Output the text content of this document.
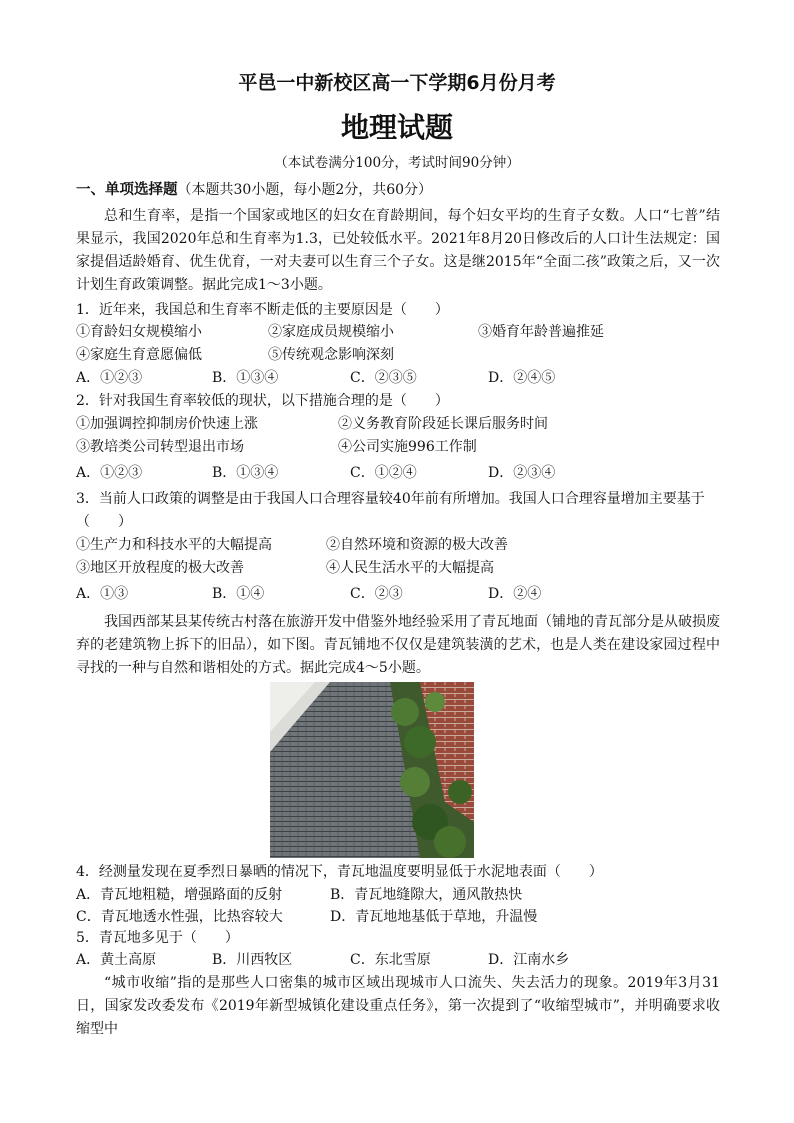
平邑一中新校区高一下学期6月份月考
地理试题
（本试卷满分100分，考试时间90分钟）
一、单项选择题（本题共30小题，每小题2分，共60分）
总和生育率，是指一个国家或地区的妇女在育龄期间，每个妇女平均的生育子女数。人口“七普”结果显示，我国2020年总和生育率为1.3，已处较低水平。2021年8月20日修改后的人口计生法规定：国家提倡适龄婚育、优生优育，一对夫妻可以生育三个子女。这是继2015年“全面二孩”政策之后，又一次计划生育政策调整。据此完成1～3小题。
1．近年来，我国总和生育率不断走低的主要原因是（　　）
①育龄妇女规模缩小	②家庭成员规模缩小	③婚育年龄普遍推延
④家庭生育意愿偏低	⑤传统观念影响深刻
A．①②③	B．①③④	C．②③⑤	D．②④⑤
2．针对我国生育率较低的现状，以下措施合理的是（　　）
①加强调控抑制房价快速上涨	②义务教育阶段延长课后服务时间
③教培类公司转型退出市场	④公司实施996工作制
A．①②③	B．①③④	C．①②④	D．②③④
3．当前人口政策的调整是由于我国人口合理容量较40年前有所增加。我国人口合理容量增加主要基于
（　　）
①生产力和科技水平的大幅提高	②自然环境和资源的极大改善
③地区开放程度的极大改善	④人民生活水平的大幅提高
A．①③	B．①④	C．②③	D．②④
我国西部某县某传统古村落在旅游开发中借鉴外地经验采用了青瓦地面（铺地的青瓦部分是从破损废弃的老建筑物上拆下的旧品），如下图。青瓦铺地不仅仅是建筑装潢的艺术，也是人类在建设家园过程中寻找的一种与自然和谐相处的方式。据此完成4～5小题。
4．经测量发现在夏季烈日暴晒的情况下，青瓦地温度要明显低于水泥地表面（　　）
A．青瓦地粗糙，增强路面的反射	B．青瓦地缝隙大，通风散热快
C．青瓦地透水性强，比热容较大	D．青瓦地地基低于草地，升温慢
5．青瓦地多见于（　　）
A．黄土高原	B．川西牧区	C．东北雪原	D．江南水乡
“城市收缩”指的是那些人口密集的城市区域出现城市人口流失、失去活力的现象。2019年3月31日，国家发改委发布《2019年新型城镇化建设重点任务》，第一次提到了“收缩型城市”，并明确要求收缩型中
